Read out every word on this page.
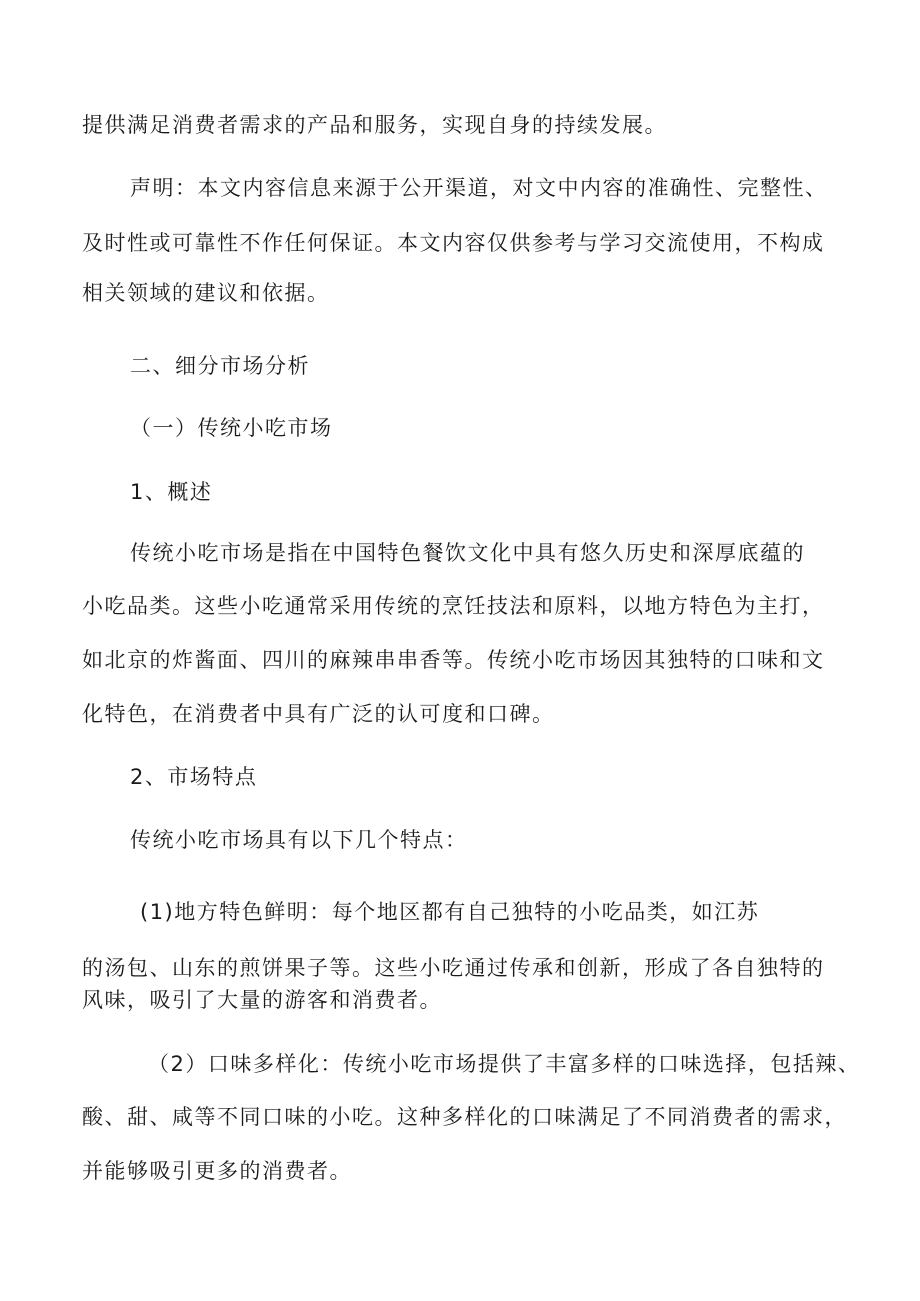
提供满足消费者需求的产品和服务，实现自身的持续发展。
声明：本文内容信息来源于公开渠道，对文中内容的准确性、完整性、
及时性或可靠性不作任何保证。本文内容仅供参考与学习交流使用，不构成
相关领域的建议和依据。
二、细分市场分析
（一）传统小吃市场
1、概述
传统小吃市场是指在中国特色餐饮文化中具有悠久历史和深厚底蕴的
小吃品类。这些小吃通常采用传统的烹饪技法和原料，以地方特色为主打，
如北京的炸酱面、四川的麻辣串串香等。传统小吃市场因其独特的口味和文
化特色，在消费者中具有广泛的认可度和口碑。
2、市场特点
传统小吃市场具有以下几个特点：
(1)地方特色鲜明：每个地区都有自己独特的小吃品类，如江苏
的汤包、山东的煎饼果子等。这些小吃通过传承和创新，形成了各自独特的
风味，吸引了大量的游客和消费者。
（2）口味多样化：传统小吃市场提供了丰富多样的口味选择，包括辣、
酸、甜、咸等不同口味的小吃。这种多样化的口味满足了不同消费者的需求，
并能够吸引更多的消费者。
